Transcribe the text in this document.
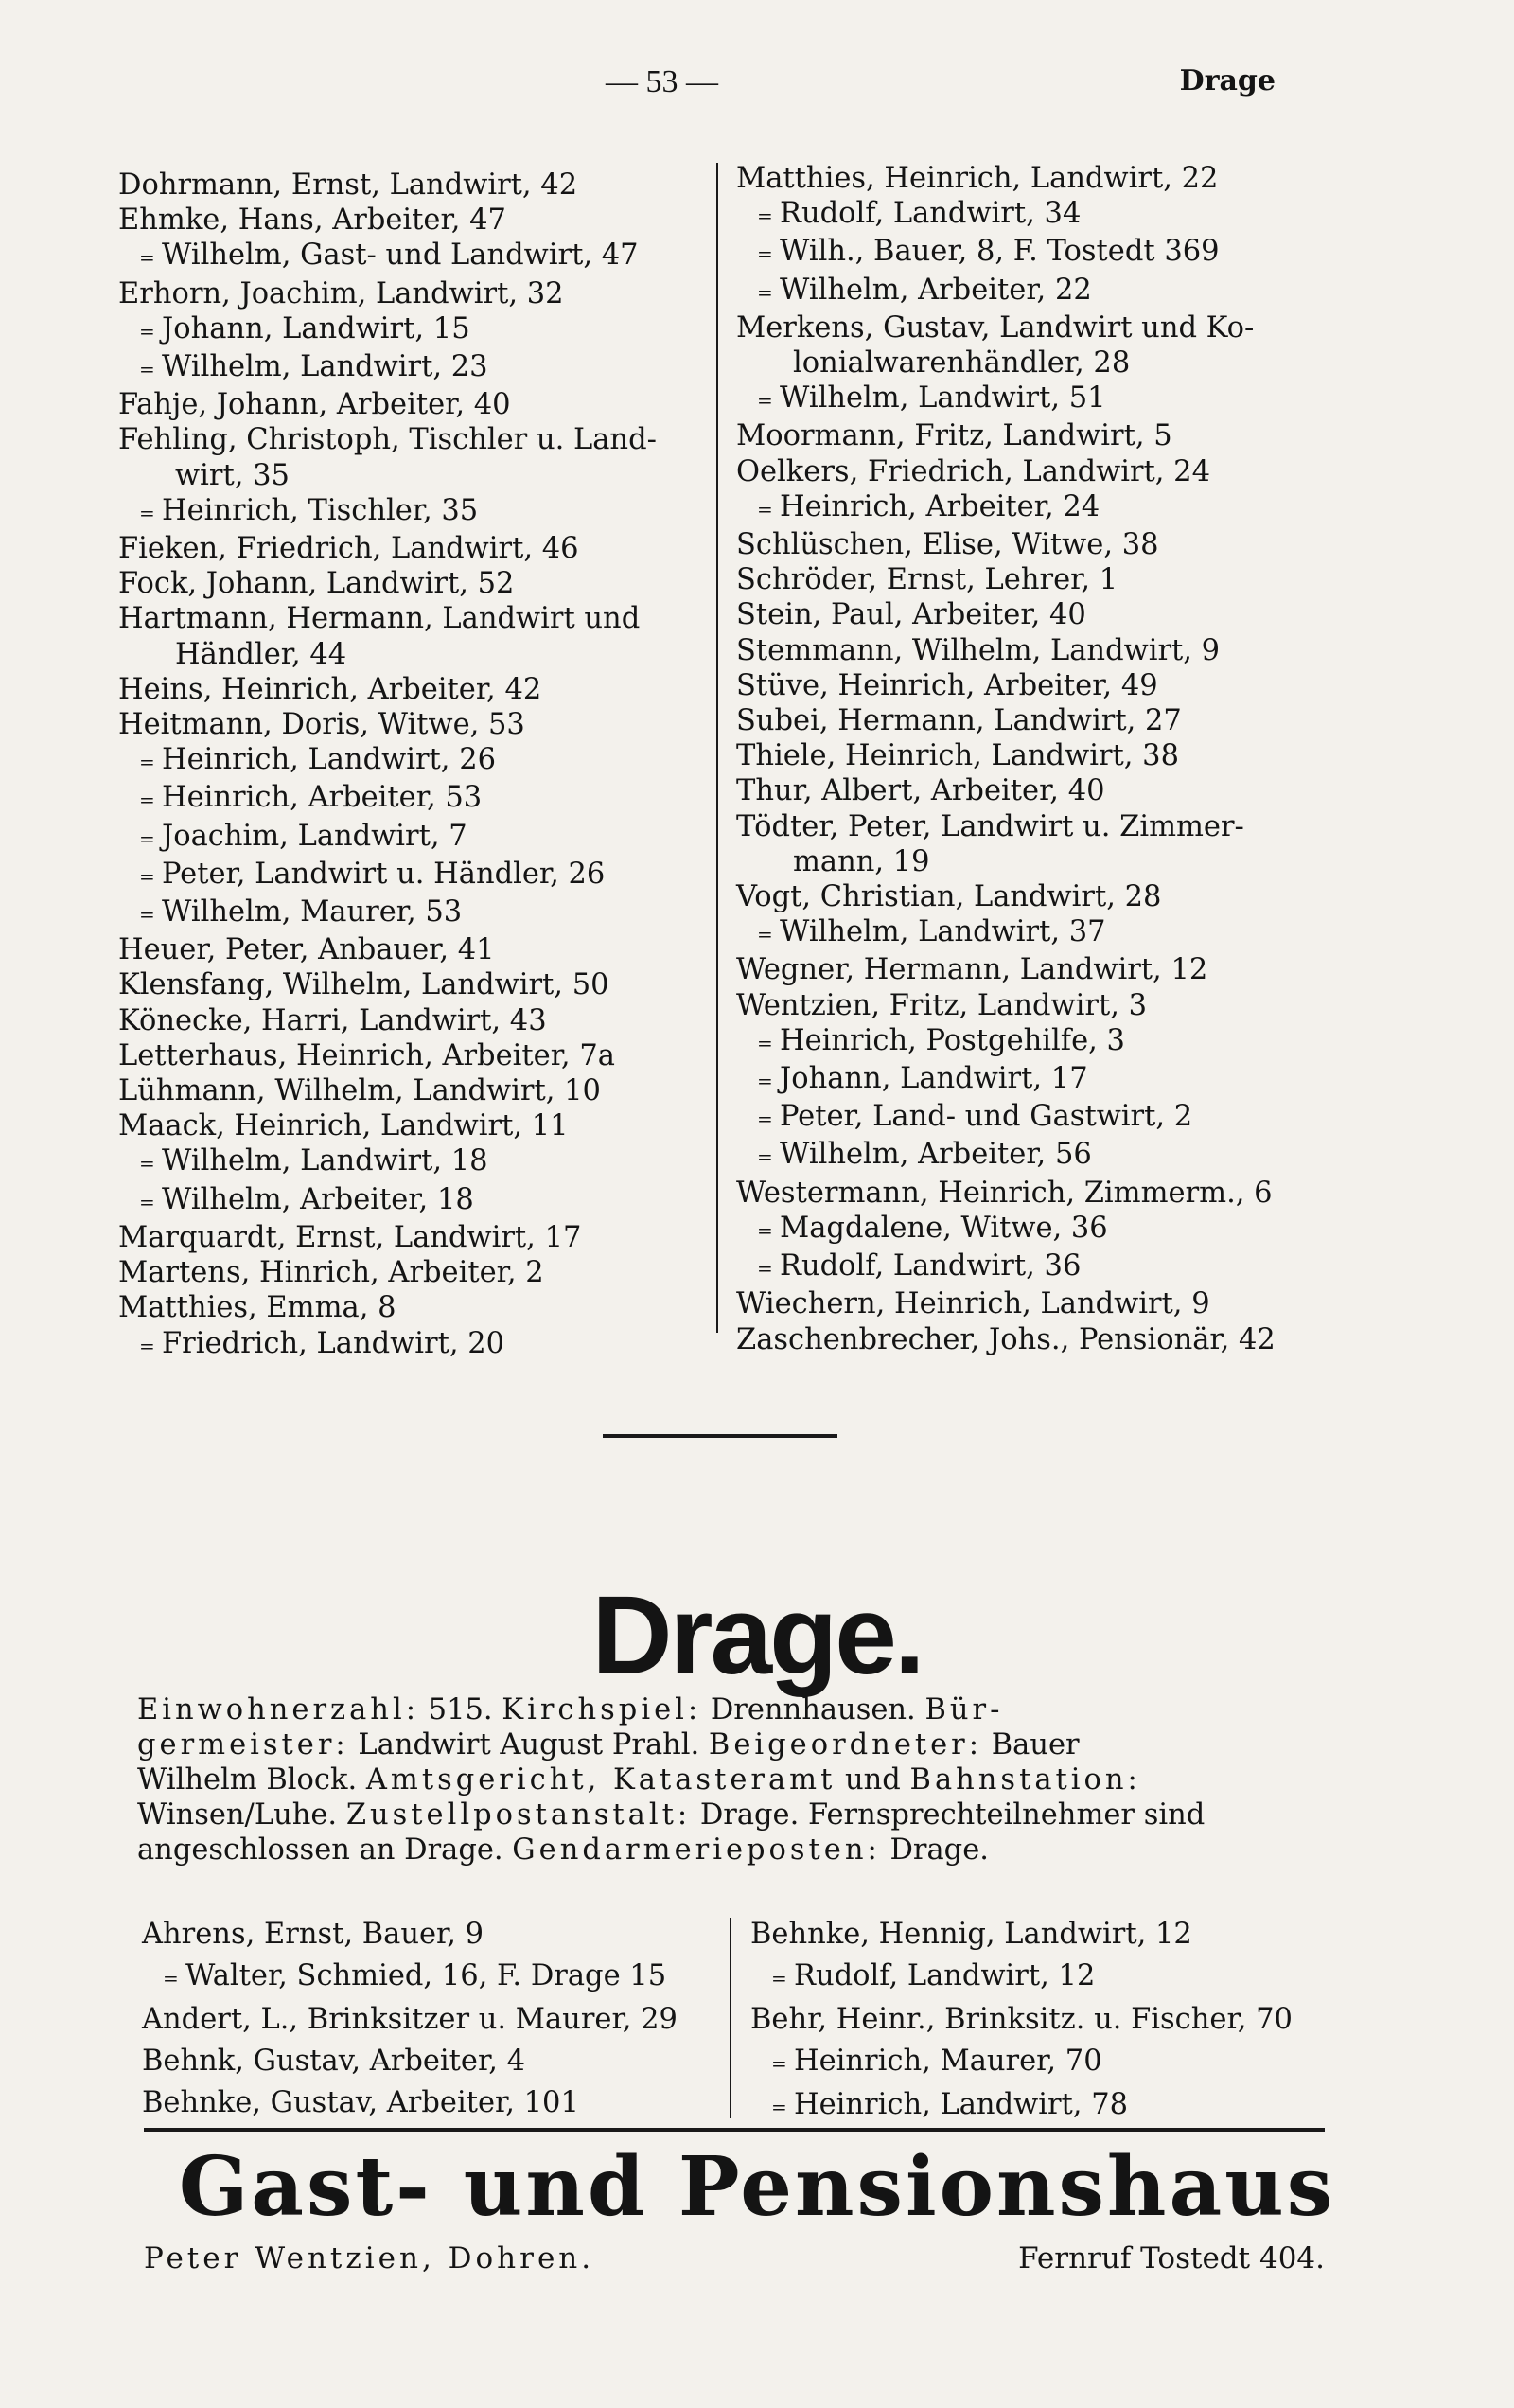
— 53 —	Drage
Dohrmann, Ernst, Landwirt, 42
Ehmke, Hans, Arbeiter, 47
= Wilhelm, Gast- und Landwirt, 47
Erhorn, Joachim, Landwirt, 32
= Johann, Landwirt, 15
= Wilhelm, Landwirt, 23
Fahje, Johann, Arbeiter, 40
Fehling, Christoph, Tischler u. Land-
wirt, 35
= Heinrich, Tischler, 35
Fieken, Friedrich, Landwirt, 46
Fock, Johann, Landwirt, 52
Hartmann, Hermann, Landwirt und
Händler, 44
Heins, Heinrich, Arbeiter, 42
Heitmann, Doris, Witwe, 53
= Heinrich, Landwirt, 26
= Heinrich, Arbeiter, 53
= Joachim, Landwirt, 7
= Peter, Landwirt u. Händler, 26
= Wilhelm, Maurer, 53
Heuer, Peter, Anbauer, 41
Klensfang, Wilhelm, Landwirt, 50
Könecke, Harri, Landwirt, 43
Letterhaus, Heinrich, Arbeiter, 7a
Lühmann, Wilhelm, Landwirt, 10
Maack, Heinrich, Landwirt, 11
= Wilhelm, Landwirt, 18
= Wilhelm, Arbeiter, 18
Marquardt, Ernst, Landwirt, 17
Martens, Hinrich, Arbeiter, 2
Matthies, Emma, 8
= Friedrich, Landwirt, 20
Matthies, Heinrich, Landwirt, 22
= Rudolf, Landwirt, 34
= Wilh., Bauer, 8, F. Tostedt 369
= Wilhelm, Arbeiter, 22
Merkens, Gustav, Landwirt und Ko-
lonialwarenhändler, 28
= Wilhelm, Landwirt, 51
Moormann, Fritz, Landwirt, 5
Oelkers, Friedrich, Landwirt, 24
= Heinrich, Arbeiter, 24
Schlüschen, Elise, Witwe, 38
Schröder, Ernst, Lehrer, 1
Stein, Paul, Arbeiter, 40
Stemmann, Wilhelm, Landwirt, 9
Stüve, Heinrich, Arbeiter, 49
Subei, Hermann, Landwirt, 27
Thiele, Heinrich, Landwirt, 38
Thur, Albert, Arbeiter, 40
Tödter, Peter, Landwirt u. Zimmer-
mann, 19
Vogt, Christian, Landwirt, 28
= Wilhelm, Landwirt, 37
Wegner, Hermann, Landwirt, 12
Wentzien, Fritz, Landwirt, 3
= Heinrich, Postgehilfe, 3
= Johann, Landwirt, 17
= Peter, Land- und Gastwirt, 2
= Wilhelm, Arbeiter, 56
Westermann, Heinrich, Zimmerm., 6
= Magdalene, Witwe, 36
= Rudolf, Landwirt, 36
Wiechern, Heinrich, Landwirt, 9
Zaschenbrecher, Johs., Pensionär, 42
Drage.
Einwohnerzahl: 515. Kirchspiel: Drennhausen. Bür-
germeister: Landwirt August Prahl. Beigeordneter: Bauer
Wilhelm Block. Amtsgericht, Katasteramt und Bahnstation:
Winsen/Luhe. Zustellpostanstalt: Drage. Fernsprechteilnehmer sind
angeschlossen an Drage. Gendarmerieposten: Drage.
Ahrens, Ernst, Bauer, 9
= Walter, Schmied, 16, F. Drage 15
Andert, L., Brinksitzer u. Maurer, 29
Behnk, Gustav, Arbeiter, 4
Behnke, Gustav, Arbeiter, 101
Behnke, Hennig, Landwirt, 12
= Rudolf, Landwirt, 12
Behr, Heinr., Brinksitz. u. Fischer, 70
= Heinrich, Maurer, 70
= Heinrich, Landwirt, 78
Gast- und Pensionshaus
Peter Wentzien, Dohren.	Fernruf Tostedt 404.
